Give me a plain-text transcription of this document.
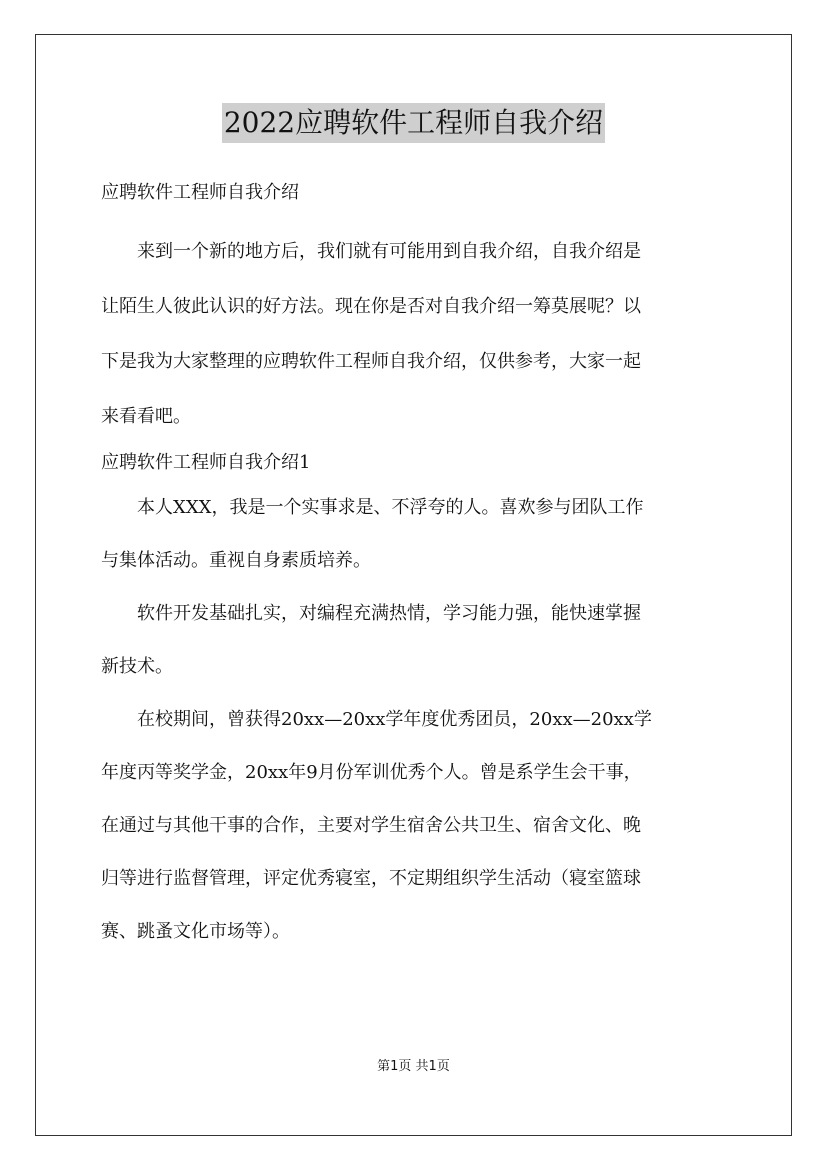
2022应聘软件工程师自我介绍

应聘软件工程师自我介绍

来到一个新的地方后，我们就有可能用到自我介绍，自我介绍是
让陌生人彼此认识的好方法。现在你是否对自我介绍一筹莫展呢？以
下是我为大家整理的应聘软件工程师自我介绍，仅供参考，大家一起
来看看吧。

应聘软件工程师自我介绍1

本人XXX，我是一个实事求是、不浮夸的人。喜欢参与团队工作
与集体活动。重视自身素质培养。
软件开发基础扎实，对编程充满热情，学习能力强，能快速掌握
新技术。
在校期间，曾获得20xx—20xx学年度优秀团员，20xx—20xx学
年度丙等奖学金，20xx年9月份军训优秀个人。曾是系学生会干事，
在通过与其他干事的合作，主要对学生宿舍公共卫生、宿舍文化、晚
归等进行监督管理，评定优秀寝室，不定期组织学生活动（寝室篮球
赛、跳蚤文化市场等）。
第1页 共1页
